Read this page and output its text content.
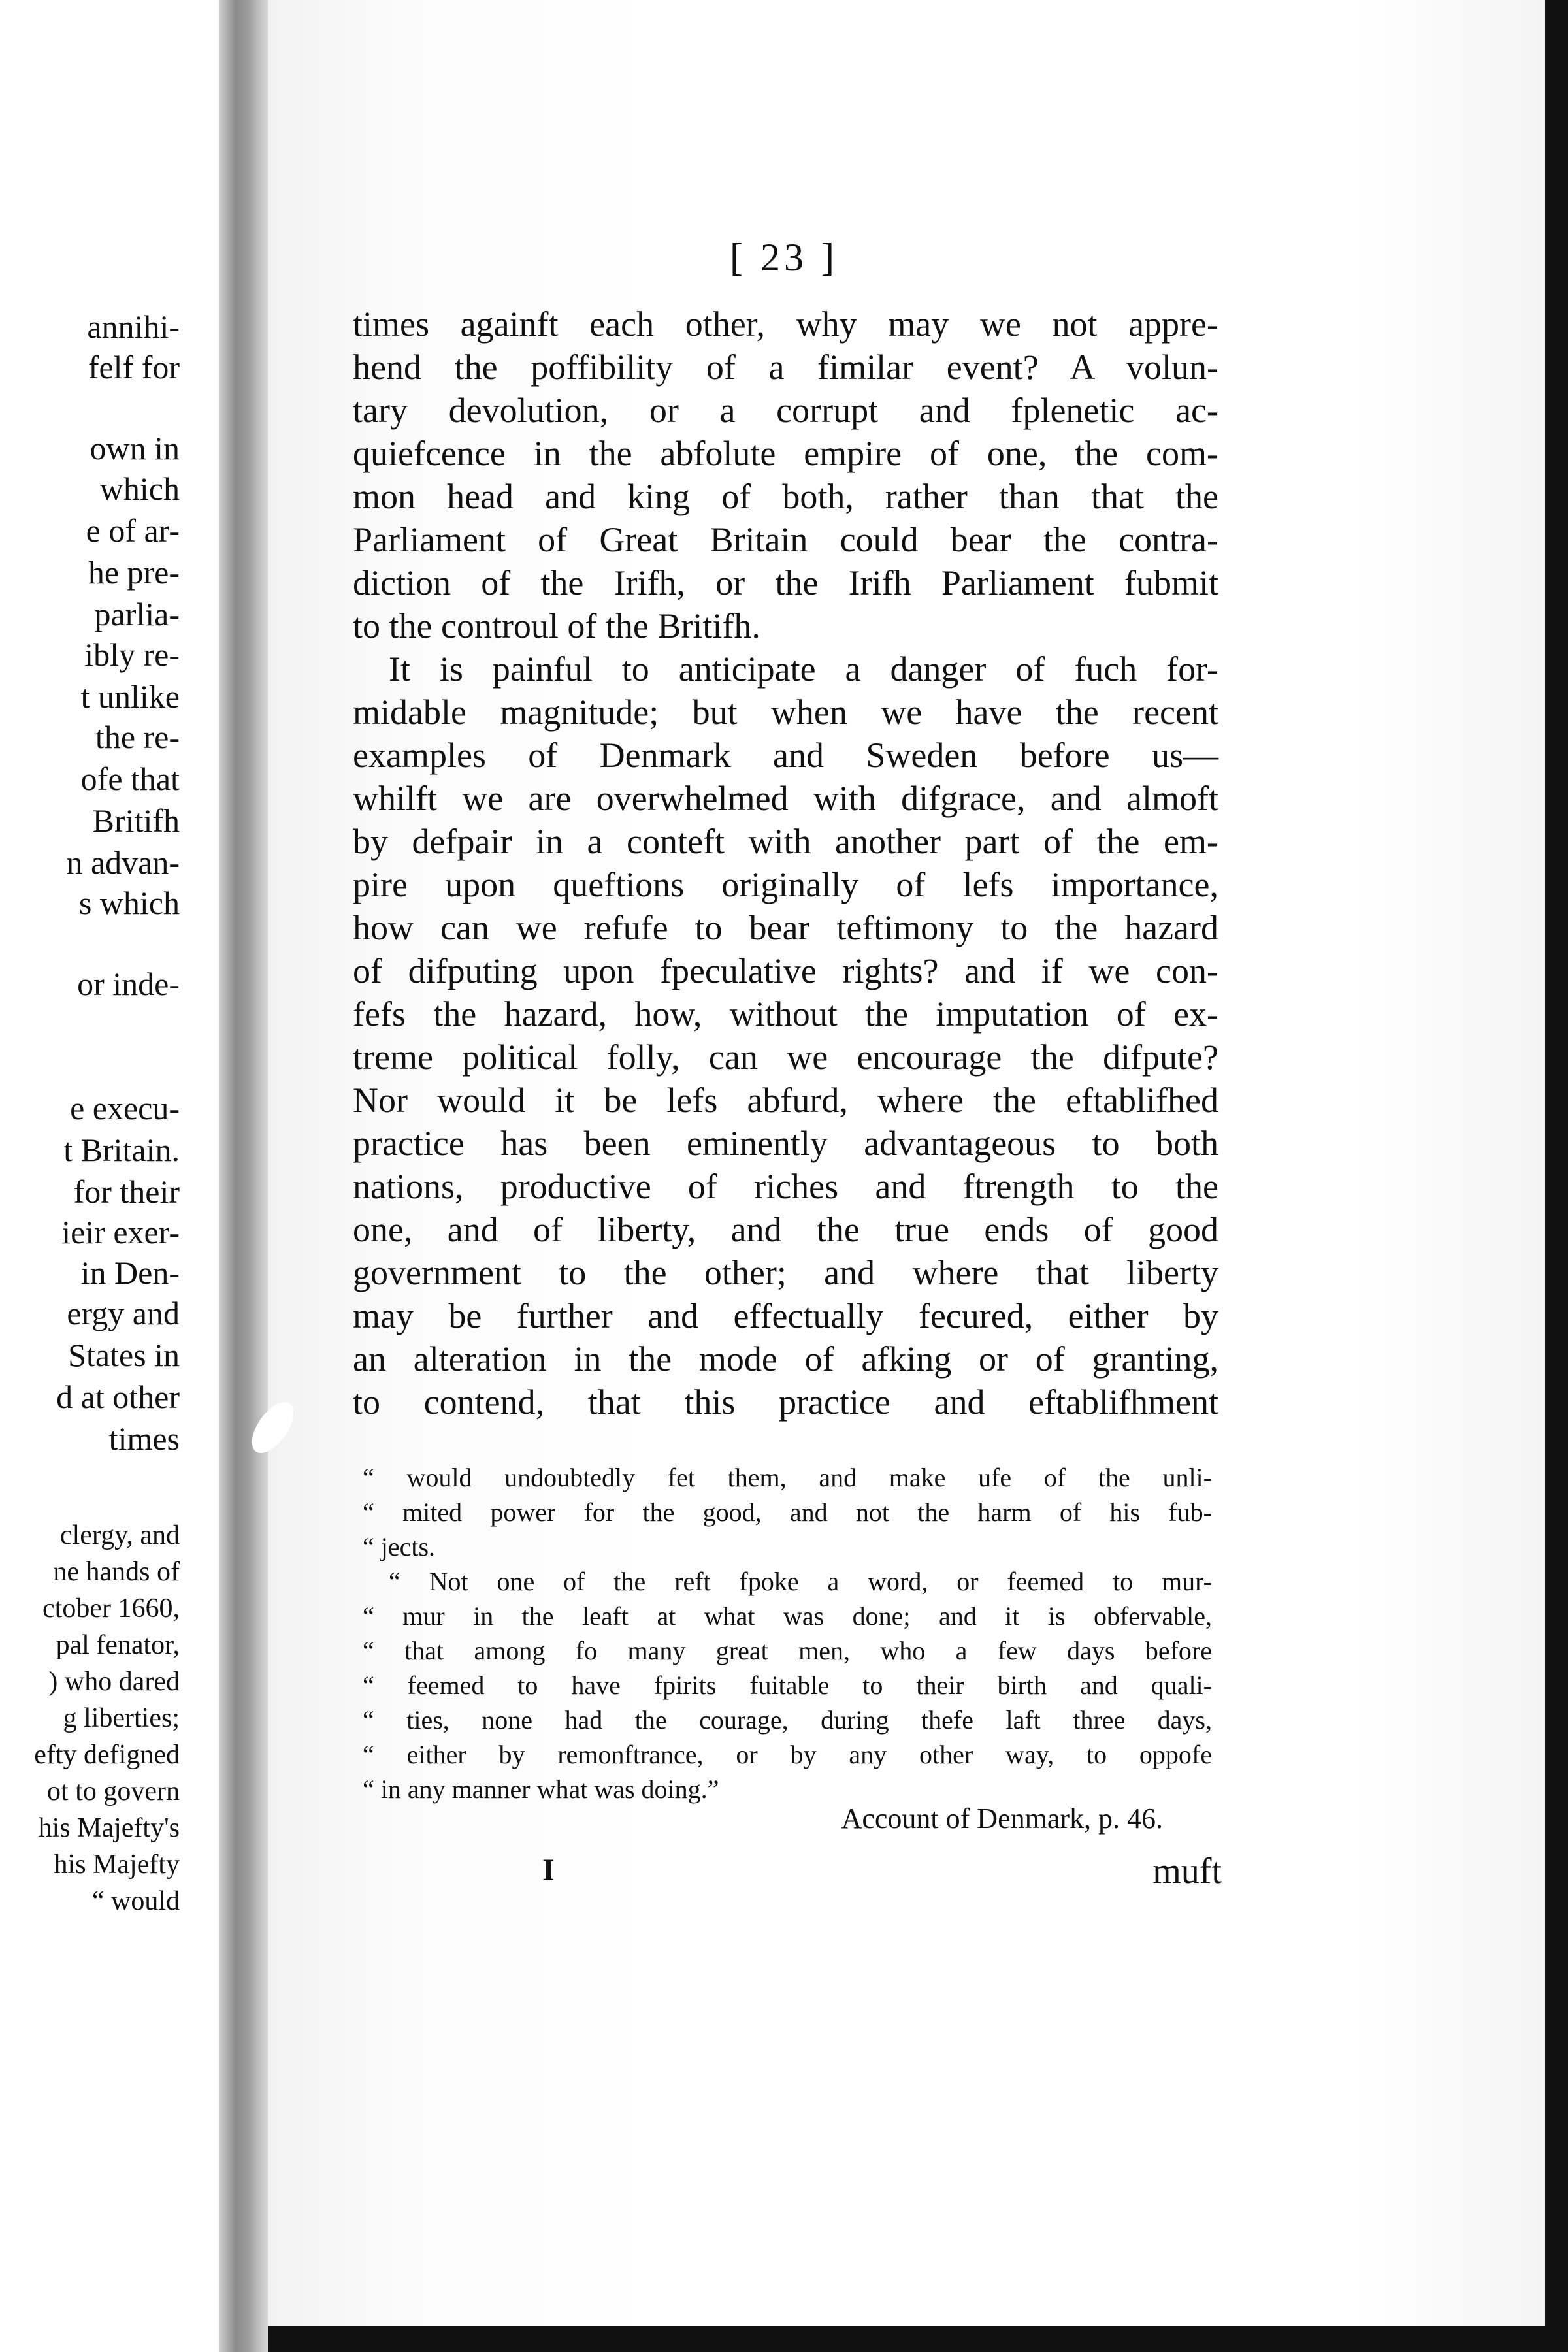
annihi-
felf for
own in
which
e of ar-
he pre-
parlia-
ibly re-
t unlike
the re-
ofe that
Britifh
n advan-
s which
or inde-
e execu-
t Britain.
for their
ieir exer-
in Den-
ergy and
States in
d at other
times
clergy, and
ne hands of
ctober 1660,
pal fenator,
) who dared
g liberties;
efty defigned
ot to govern
his Majefty's
his Majefty
“ would
[ 23 ]
times againft each other, why may we not appre-
hend the poffibility of a fimilar event? A volun-
tary devolution, or a corrupt and fplenetic ac-
quiefcence in the abfolute empire of one, the com-
mon head and king of both, rather than that the
Parliament of Great Britain could bear the contra-
diction of the Irifh, or the Irifh Parliament fubmit
to the controul of the Britifh.
It is painful to anticipate a danger of fuch for-
midable magnitude; but when we have the recent
examples of Denmark and Sweden before us—
whilft we are overwhelmed with difgrace, and almoft
by defpair in a conteft with another part of the em-
pire upon queftions originally of lefs importance,
how can we refufe to bear teftimony to the hazard
of difputing upon fpeculative rights? and if we con-
fefs the hazard, how, without the imputation of ex-
treme political folly, can we encourage the difpute?
Nor would it be lefs abfurd, where the eftablifhed
practice has been eminently advantageous to both
nations, productive of riches and ftrength to the
one, and of liberty, and the true ends of good
government to the other; and where that liberty
may be further and effectually fecured, either by
an alteration in the mode of afking or of granting,
to contend, that this practice and eftablifhment
“ would undoubtedly fet them, and make ufe of the unli-
“ mited power for the good, and not the harm of his fub-
“ jects.
“ Not one of the reft fpoke a word, or feemed to mur-
“ mur in the leaft at what was done; and it is obfervable,
“ that among fo many great men, who a few days before
“ feemed to have fpirits fuitable to their birth and quali-
“ ties, none had the courage, during thefe laft three days,
“ either by remonftrance, or by any other way, to oppofe
“ in any manner what was doing.”
Account of Denmark, p. 46.
I	muft
